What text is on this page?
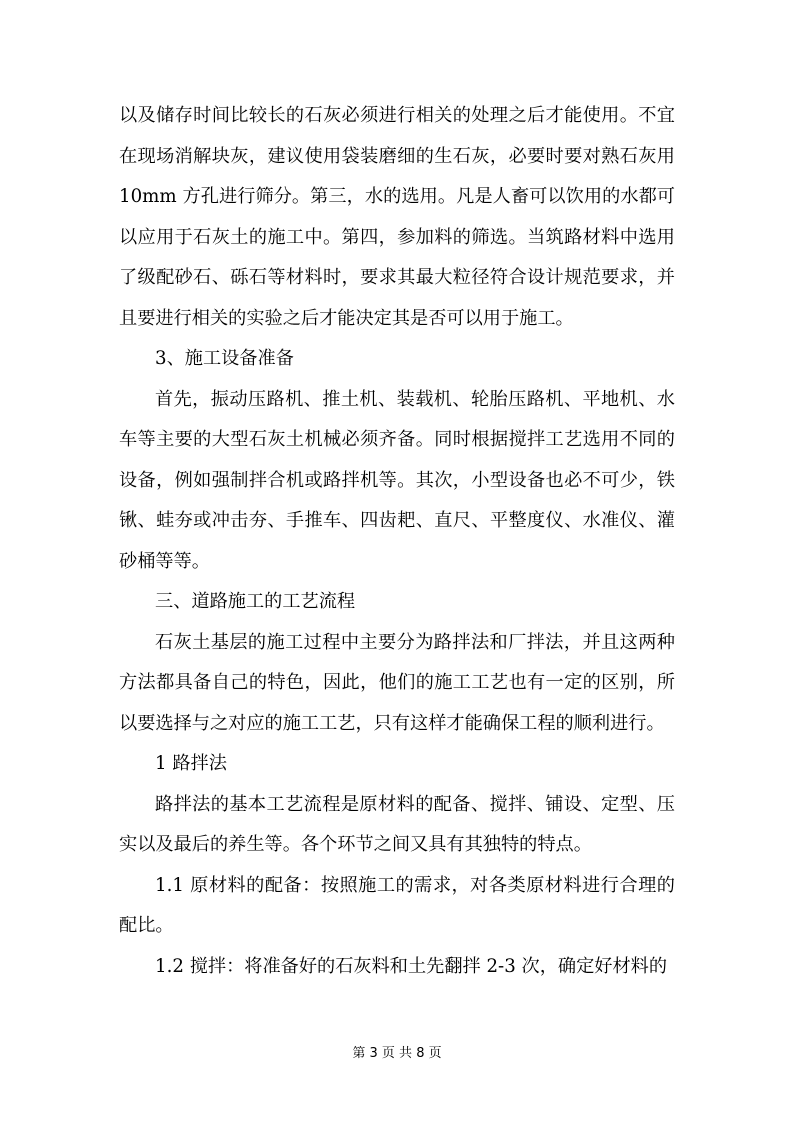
以及储存时间比较长的石灰必须进行相关的处理之后才能使用。不宜在现场消解块灰，建议使用袋装磨细的生石灰，必要时要对熟石灰用 10mm 方孔进行筛分。第三，水的选用。凡是人畜可以饮用的水都可以应用于石灰土的施工中。第四，参加料的筛选。当筑路材料中选用了级配砂石、砾石等材料时，要求其最大粒径符合设计规范要求，并且要进行相关的实验之后才能决定其是否可以用于施工。

3、施工设备准备

首先，振动压路机、推土机、装载机、轮胎压路机、平地机、水车等主要的大型石灰土机械必须齐备。同时根据搅拌工艺选用不同的设备，例如强制拌合机或路拌机等。其次，小型设备也必不可少，铁锹、蛙夯或冲击夯、手推车、四齿耙、直尺、平整度仪、水准仪、灌砂桶等等。

三、道路施工的工艺流程

石灰土基层的施工过程中主要分为路拌法和厂拌法，并且这两种方法都具备自己的特色，因此，他们的施工工艺也有一定的区别，所以要选择与之对应的施工工艺，只有这样才能确保工程的顺利进行。

1 路拌法

路拌法的基本工艺流程是原材料的配备、搅拌、铺设、定型、压实以及最后的养生等。各个环节之间又具有其独特的特点。

1.1 原材料的配备：按照施工的需求，对各类原材料进行合理的配比。

1.2 搅拌：将准备好的石灰料和土先翻拌 2-3 次，确定好材料的

第 3 页 共 8 页
